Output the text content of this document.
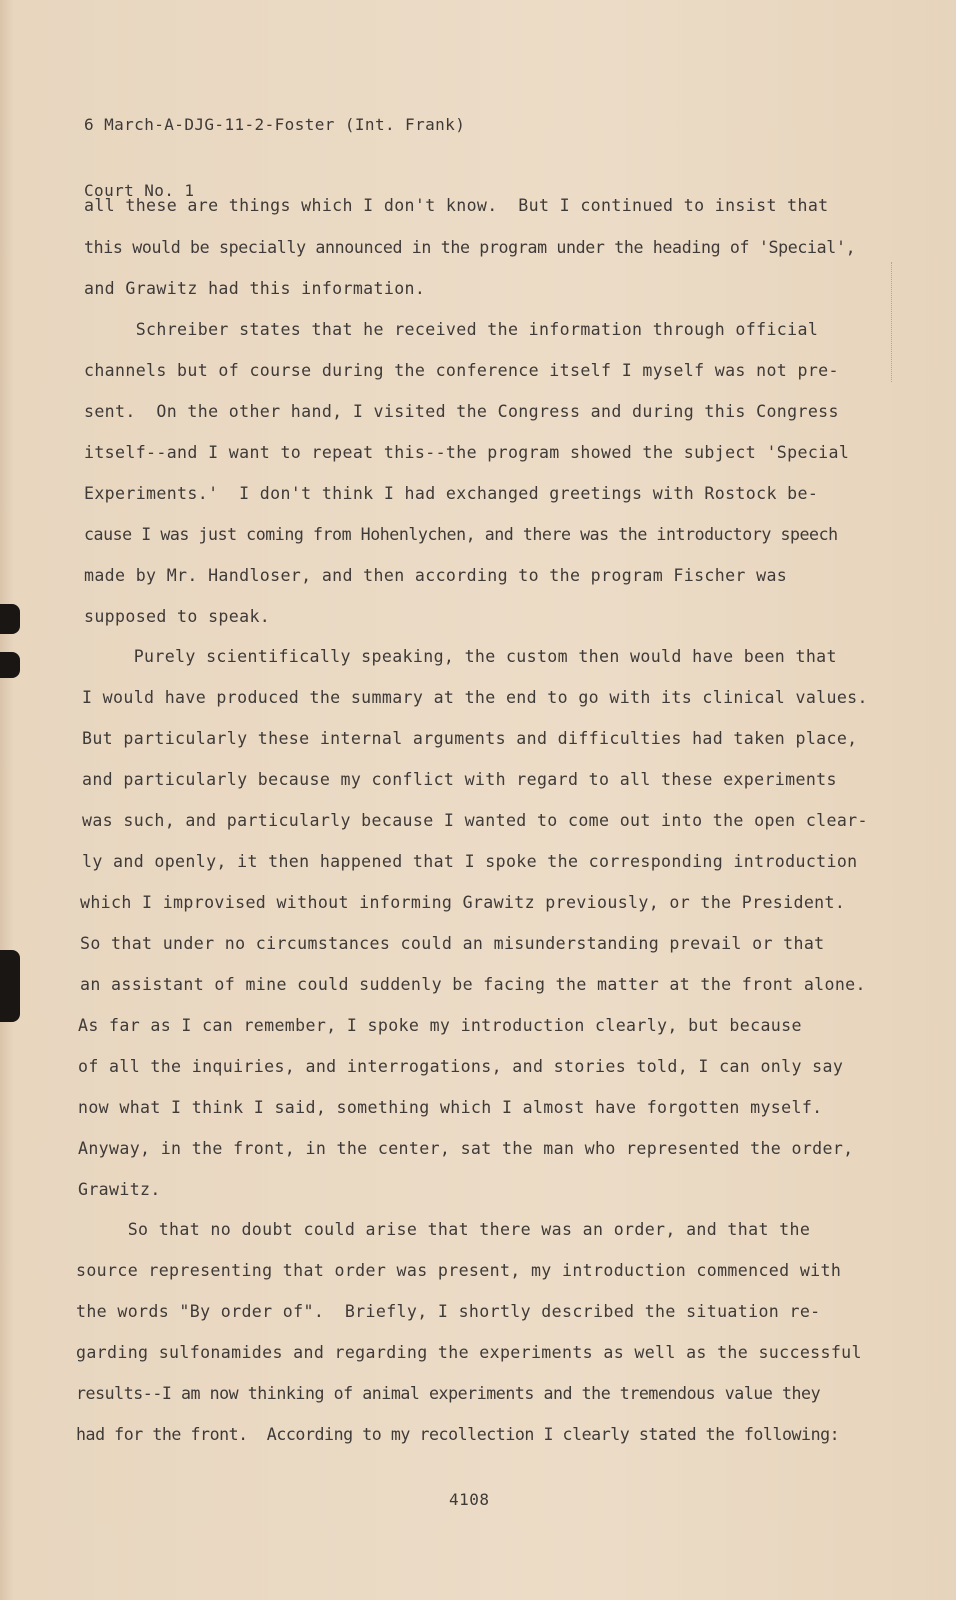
6 March-A-DJG-11-2-Foster (Int. Frank)

Court No. 1

all these are things which I don't know.  But I continued to insist that
this would be specially announced in the program under the heading of 'Special',
and Grawitz had this information.
Schreiber states that he received the information through official
channels but of course during the conference itself I myself was not pre-
sent.  On the other hand, I visited the Congress and during this Congress
itself--and I want to repeat this--the program showed the subject 'Special
Experiments.'  I don't think I had exchanged greetings with Rostock be-
cause I was just coming from Hohenlychen, and there was the introductory speech
made by Mr. Handloser, and then according to the program Fischer was
supposed to speak.
Purely scientifically speaking, the custom then would have been that
I would have produced the summary at the end to go with its clinical values.
But particularly these internal arguments and difficulties had taken place,
and particularly because my conflict with regard to all these experiments
was such, and particularly because I wanted to come out into the open clear-
ly and openly, it then happened that I spoke the corresponding introduction
which I improvised without informing Grawitz previously, or the President.
So that under no circumstances could an misunderstanding prevail or that
an assistant of mine could suddenly be facing the matter at the front alone.
As far as I can remember, I spoke my introduction clearly, but because
of all the inquiries, and interrogations, and stories told, I can only say
now what I think I said, something which I almost have forgotten myself.
Anyway, in the front, in the center, sat the man who represented the order,
Grawitz.
So that no doubt could arise that there was an order, and that the
source representing that order was present, my introduction commenced with
the words "By order of".  Briefly, I shortly described the situation re-
garding sulfonamides and regarding the experiments as well as the successful
results--I am now thinking of animal experiments and the tremendous value they
had for the front.  According to my recollection I clearly stated the following:
4108
